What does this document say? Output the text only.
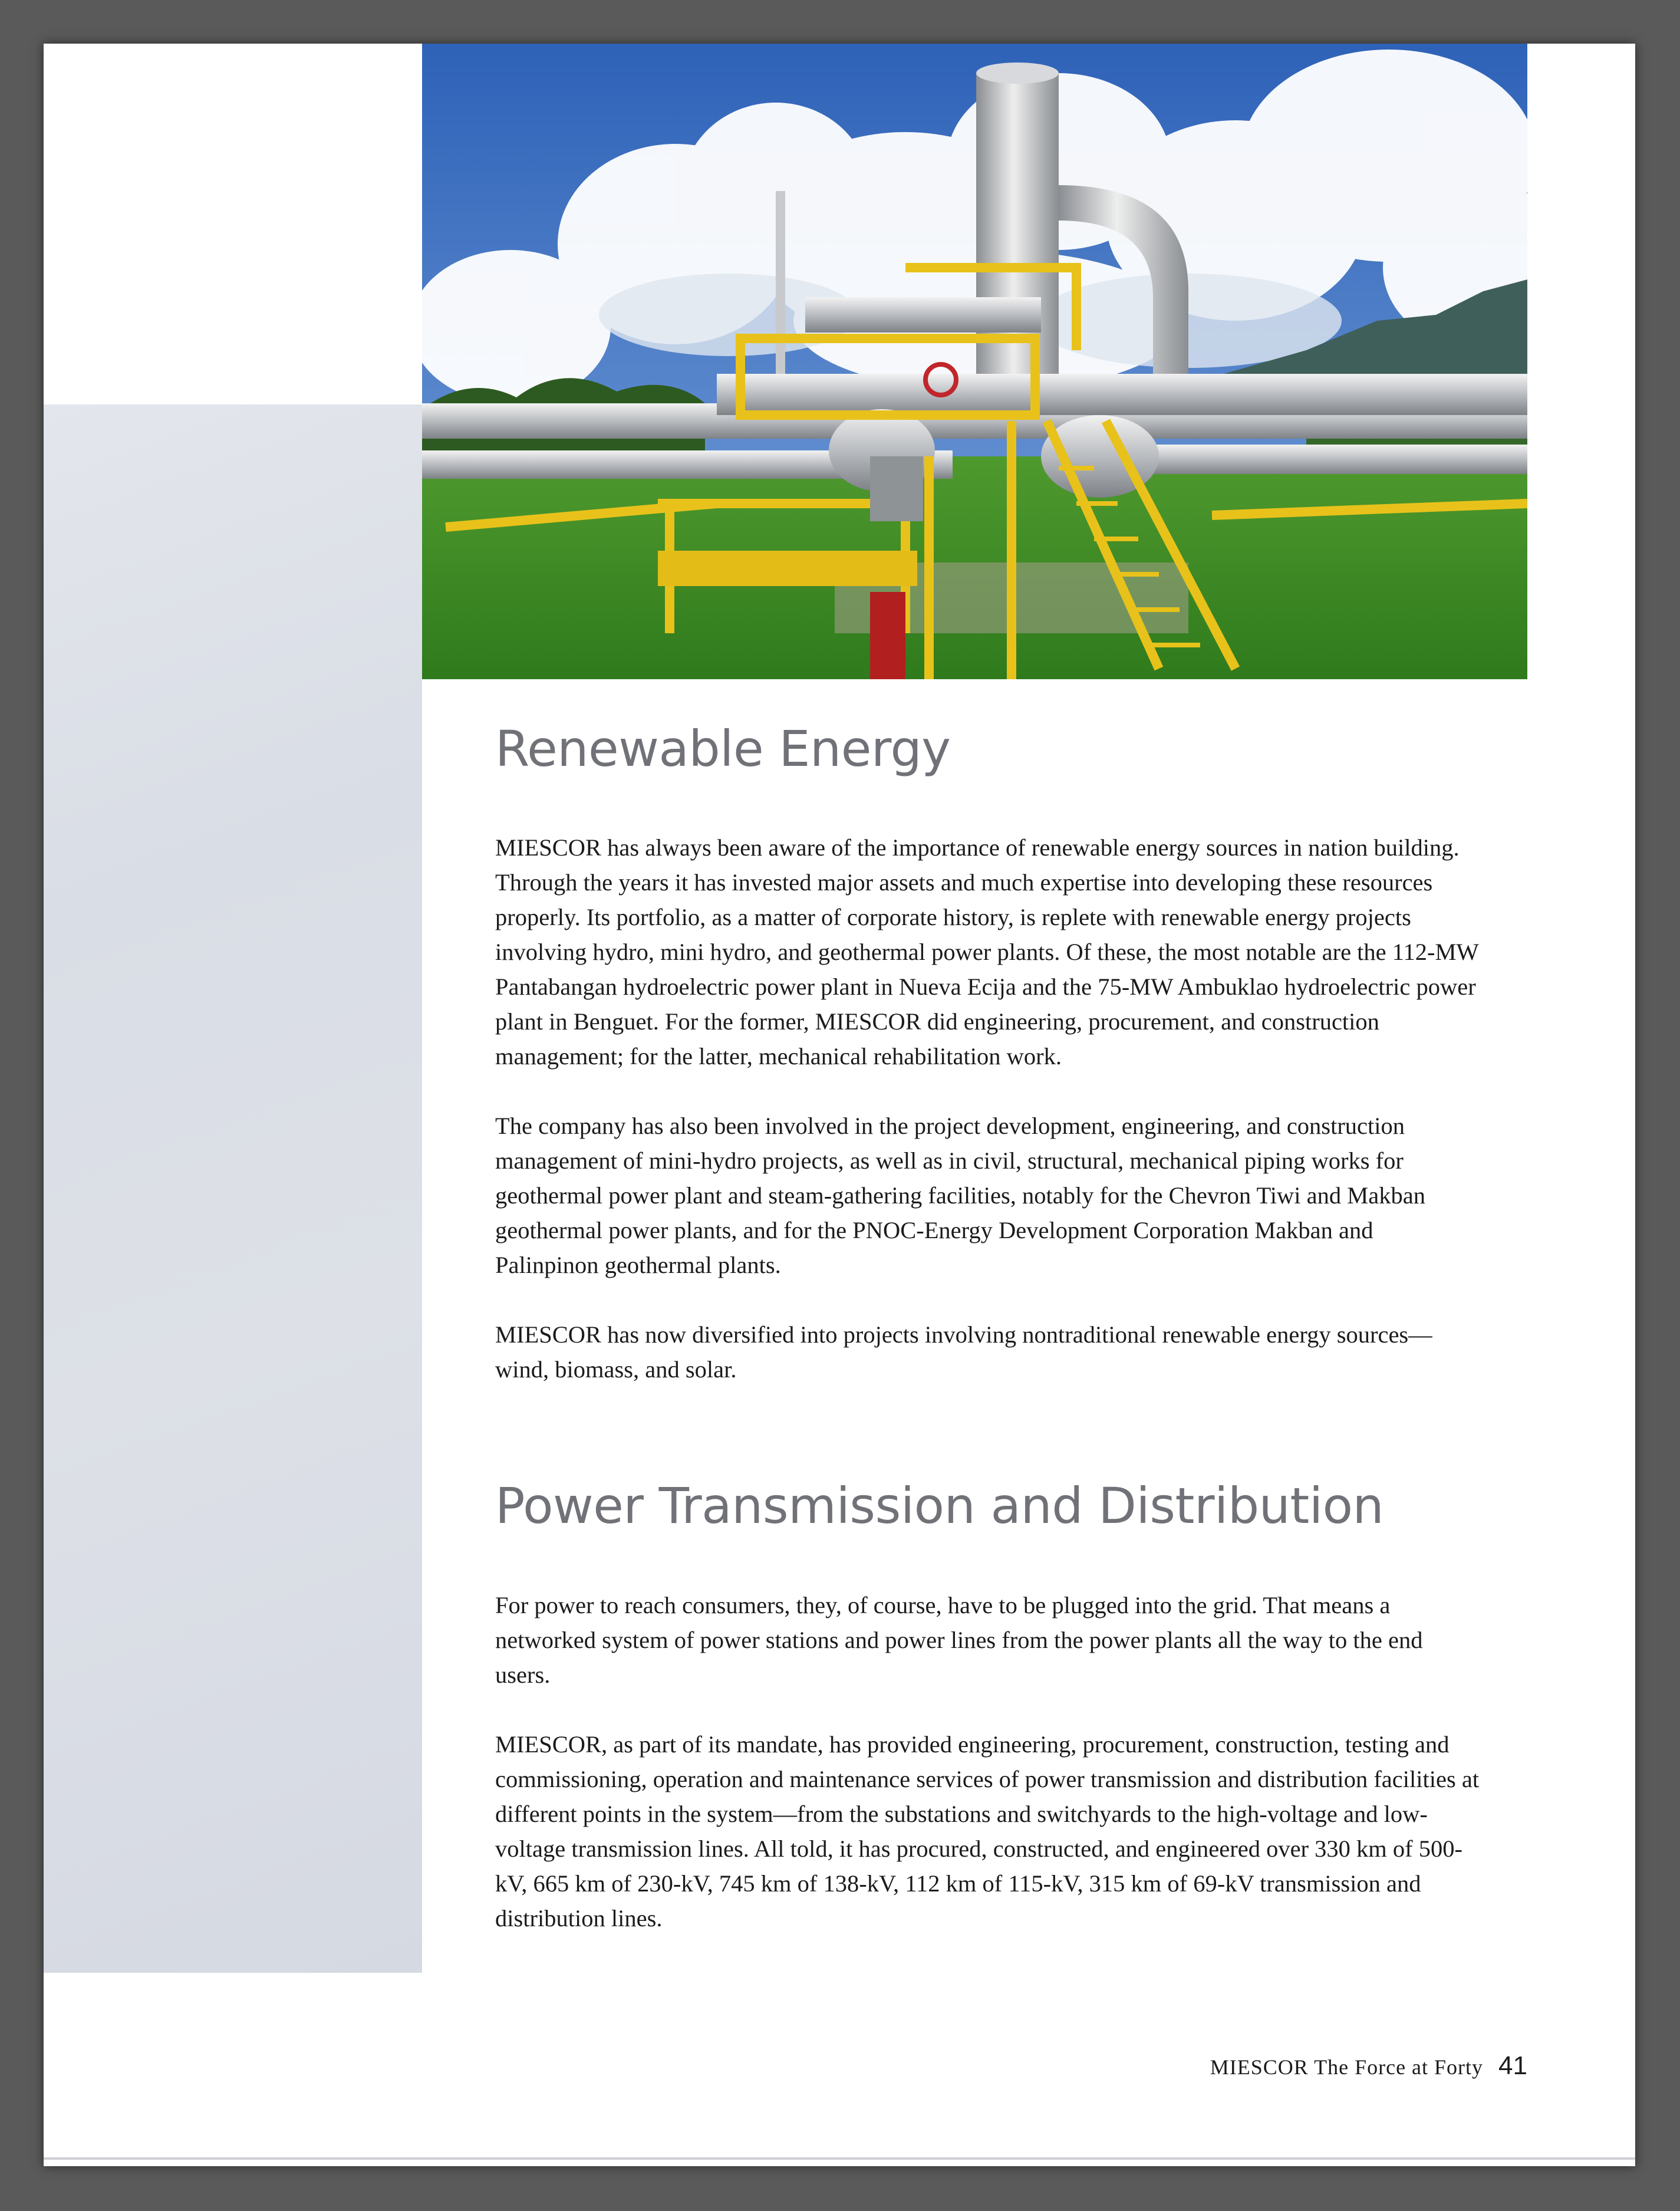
Renewable Energy

MIESCOR has always been aware of the importance of renewable energy sources in nation building. Through the years it has invested major assets and much expertise into developing these resources properly. Its portfolio, as a matter of corporate history, is replete with renewable energy projects involving hydro, mini hydro, and geothermal power plants. Of these, the most notable are the 112-MW Pantabangan hydroelectric power plant in Nueva Ecija and the 75-MW Ambuklao hydroelectric power plant in Benguet. For the former, MIESCOR did engineering, procurement, and construction management; for the latter, mechanical rehabilitation work.

The company has also been involved in the project development, engineering, and construction management of mini-hydro projects, as well as in civil, structural, mechanical piping works for geothermal power plant and steam-gathering facilities, notably for the Chevron Tiwi and Makban geothermal power plants, and for the PNOC-Energy Development Corporation Makban and Palinpinon geothermal plants.

MIESCOR has now diversified into projects involving nontraditional renewable energy sources—wind, biomass, and solar.

Power Transmission and Distribution

For power to reach consumers, they, of course, have to be plugged into the grid. That means a networked system of power stations and power lines from the power plants all the way to the end users.

MIESCOR, as part of its mandate, has provided engineering, procurement, construction, testing and commissioning, operation and maintenance services of power transmission and distribution facilities at different points in the system—from the substations and switchyards to the high-voltage and low-voltage transmission lines. All told, it has procured, constructed, and engineered over 330 km of 500-kV, 665 km of 230-kV, 745 km of 138-kV, 112 km of 115-kV, 315 km of 69-kV transmission and distribution lines.

MIESCOR The Force at Forty 41
